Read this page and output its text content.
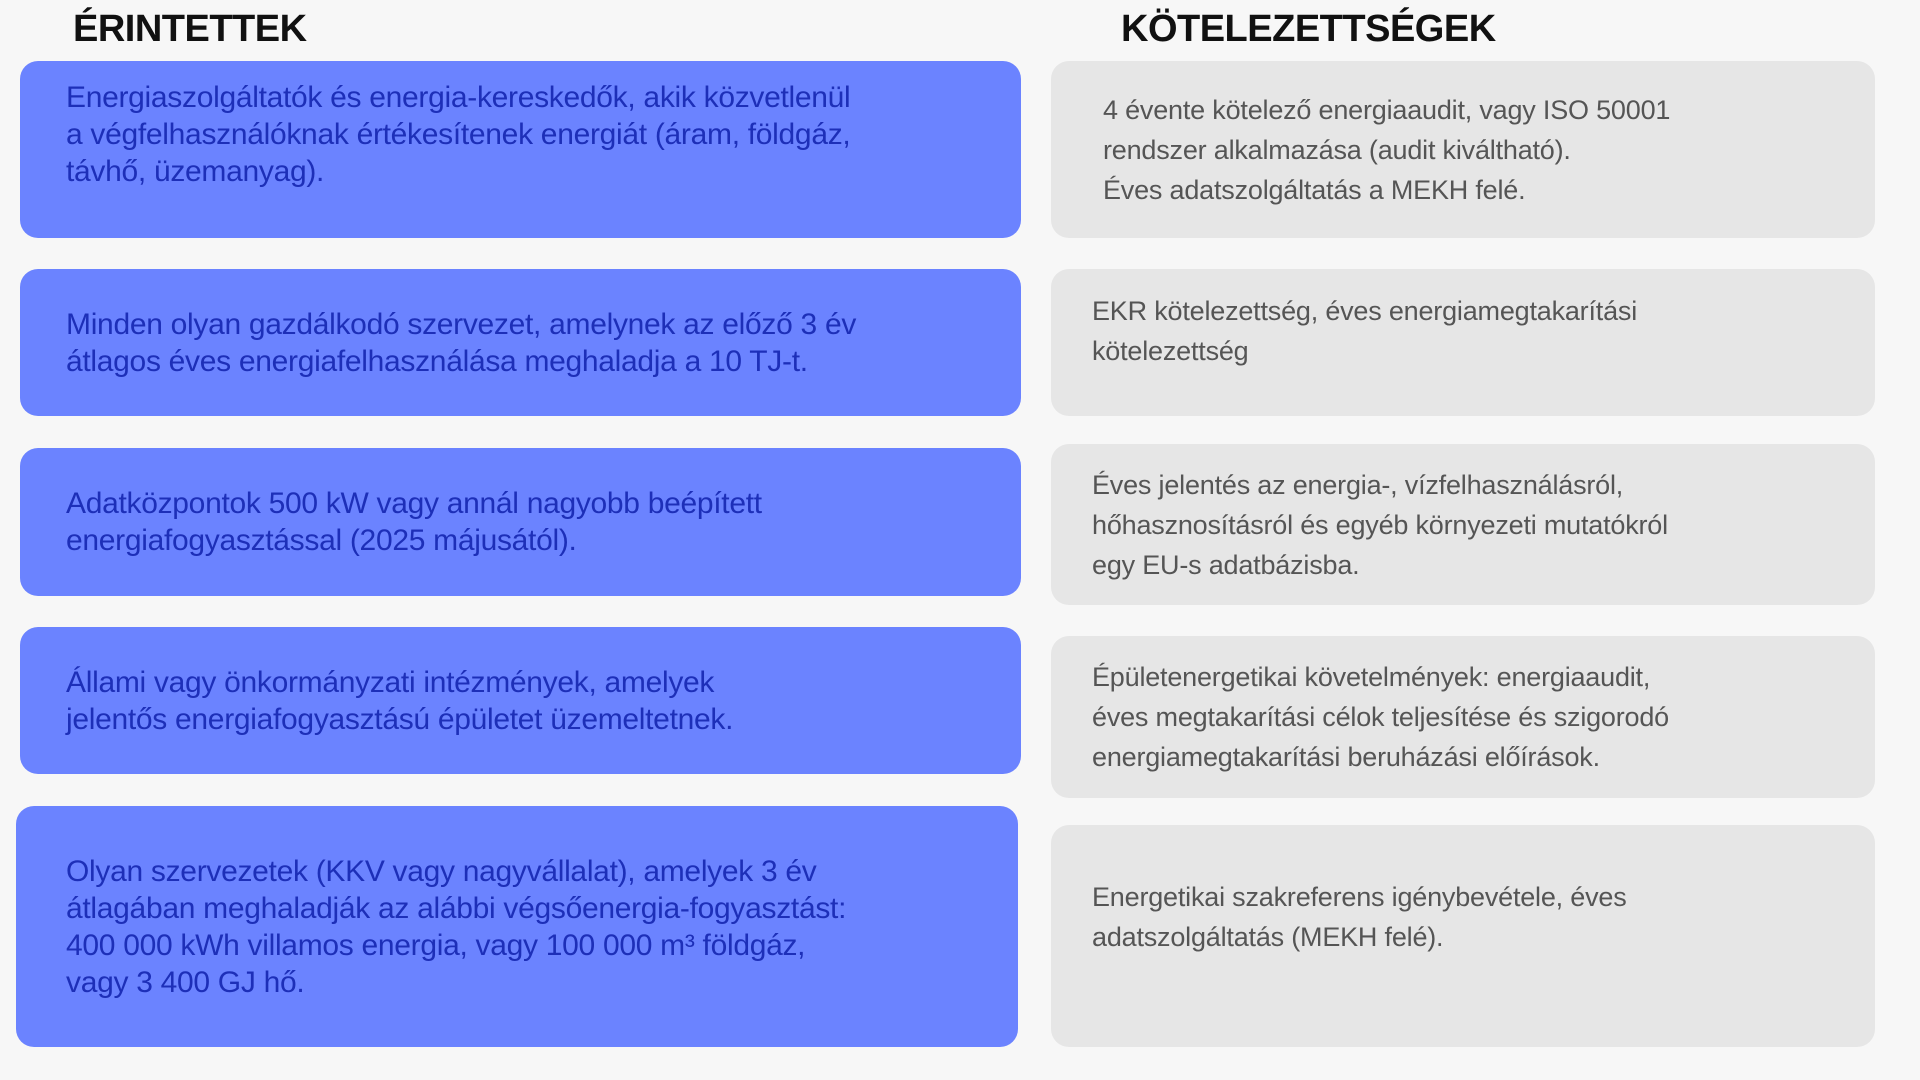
ÉRINTETTEK	KÖTELEZETTSÉGEK
Energiaszolgáltatók és energia-kereskedők, akik közvetlenül
a végfelhasználóknak értékesítenek energiát (áram, földgáz,
távhő, üzemanyag).
Minden olyan gazdálkodó szervezet, amelynek az előző 3 év
átlagos éves energiafelhasználása meghaladja a 10 TJ-t.
Adatközpontok 500 kW vagy annál nagyobb beépített
energiafogyasztással (2025 májusától).
Állami vagy önkormányzati intézmények, amelyek
jelentős energiafogyasztású épületet üzemeltetnek.
Olyan szervezetek (KKV vagy nagyvállalat), amelyek 3 év
átlagában meghaladják az alábbi végsőenergia-fogyasztást:
400 000 kWh villamos energia, vagy 100 000 m³ földgáz,
vagy 3 400 GJ hő.
4 évente kötelező energiaaudit, vagy ISO 50001
rendszer alkalmazása (audit kiváltható).
Éves adatszolgáltatás a MEKH felé.
EKR kötelezettség, éves energiamegtakarítási
kötelezettség
Éves jelentés az energia-, vízfelhasználásról,
hőhasznosításról és egyéb környezeti mutatókról
egy EU-s adatbázisba.
Épületenergetikai követelmények: energiaaudit,
éves megtakarítási célok teljesítése és szigorodó
energiamegtakarítási beruházási előírások.
Energetikai szakreferens igénybevétele, éves
adatszolgáltatás (MEKH felé).
